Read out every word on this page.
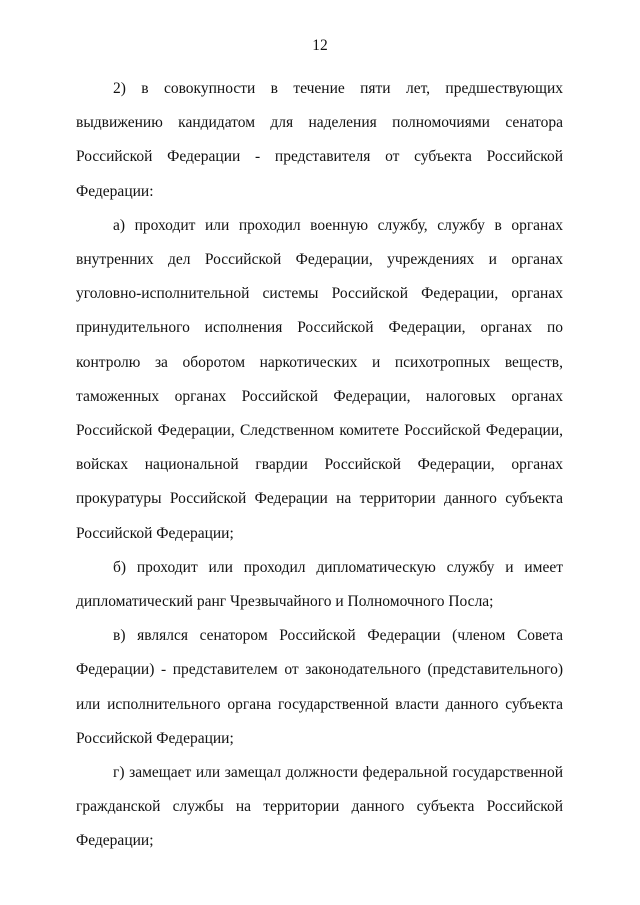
12

2) в совокупности в течение пяти лет, предшествующих выдвижению кандидатом для наделения полномочиями сенатора Российской Федерации - представителя от субъекта Российской Федерации:

а) проходит или проходил военную службу, службу в органах внутренних дел Российской Федерации, учреждениях и органах уголовно-исполнительной системы Российской Федерации, органах принудительного исполнения Российской Федерации, органах по контролю за оборотом наркотических и психотропных веществ, таможенных органах Российской Федерации, налоговых органах Российской Федерации, Следственном комитете Российской Федерации, войсках национальной гвардии Российской Федерации, органах прокуратуры Российской Федерации на территории данного субъекта Российской Федерации;

б) проходит или проходил дипломатическую службу и имеет дипломатический ранг Чрезвычайного и Полномочного Посла;

в) являлся сенатором Российской Федерации (членом Совета Федерации) - представителем от законодательного (представительного) или исполнительного органа государственной власти данного субъекта Российской Федерации;

г) замещает или замещал должности федеральной государственной гражданской службы на территории данного субъекта Российской Федерации;
